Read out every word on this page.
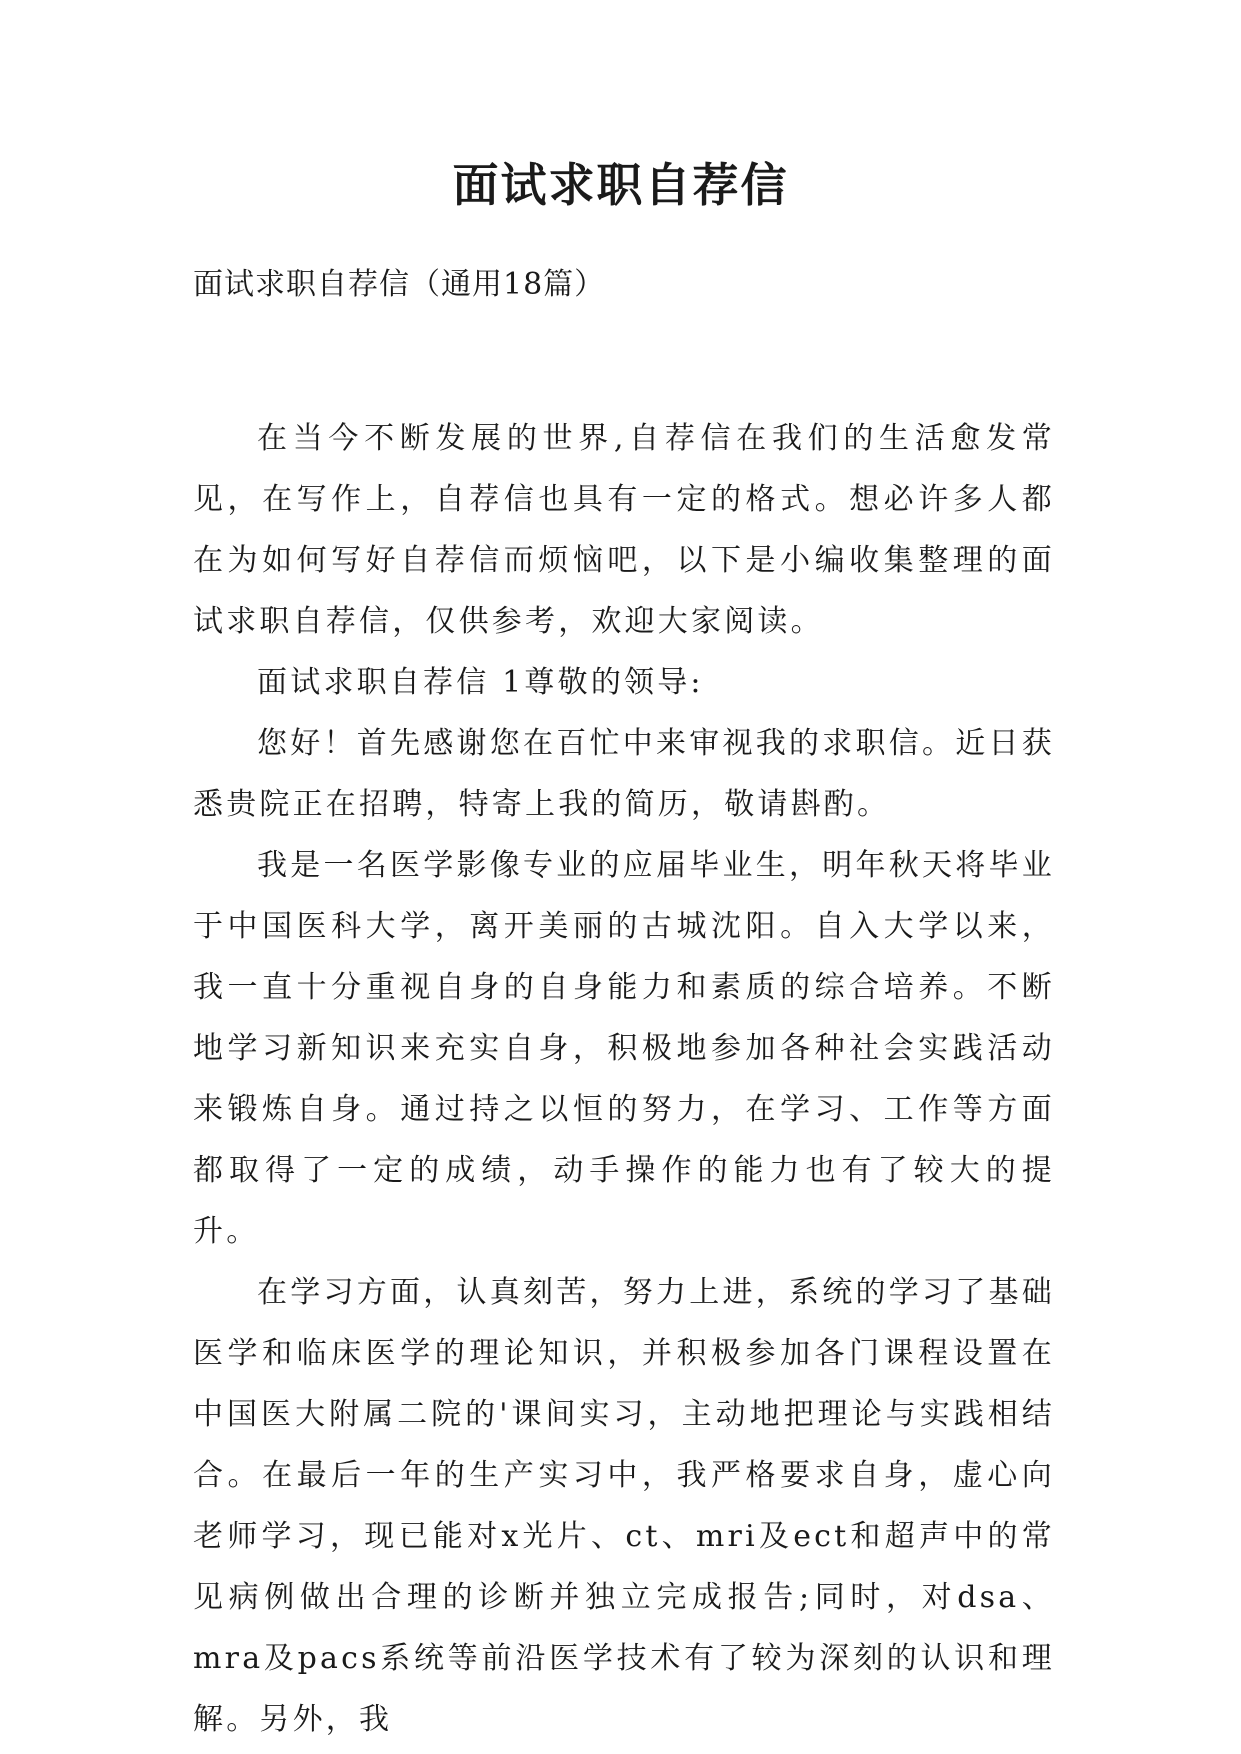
面试求职自荐信
面试求职自荐信（通用18篇）

在当今不断发展的世界,自荐信在我们的生活愈发常见，在写作上，自荐信也具有一定的格式。想必许多人都在为如何写好自荐信而烦恼吧，以下是小编收集整理的面试求职自荐信，仅供参考，欢迎大家阅读。

面试求职自荐信 1尊敬的领导:

您好！首先感谢您在百忙中来审视我的求职信。近日获悉贵院正在招聘，特寄上我的简历，敬请斟酌。

我是一名医学影像专业的应届毕业生，明年秋天将毕业于中国医科大学，离开美丽的古城沈阳。自入大学以来，我一直十分重视自身的自身能力和素质的综合培养。不断地学习新知识来充实自身，积极地参加各种社会实践活动来锻炼自身。通过持之以恒的努力，在学习、工作等方面都取得了一定的成绩，动手操作的能力也有了较大的提升。

在学习方面，认真刻苦，努力上进，系统的学习了基础医学和临床医学的理论知识，并积极参加各门课程设置在中国医大附属二院的'课间实习，主动地把理论与实践相结合。在最后一年的生产实习中，我严格要求自身，虚心向老师学习，现已能对x光片、ct、mri及ect和超声中的常见病例做出合理的诊断并独立完成报告;同时，对dsa、mra及pacs系统等前沿医学技术有了较为深刻的认识和理解。另外，我
